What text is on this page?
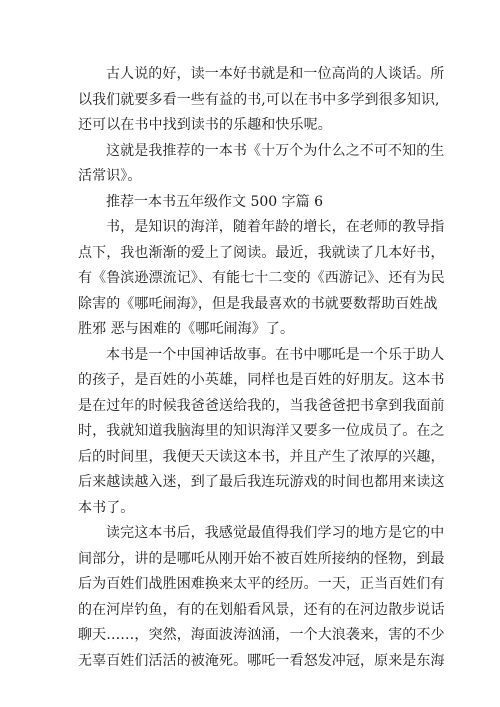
古人说的好，读一本好书就是和一位高尚的人谈话。所
以我们就要多看一些有益的书,可以在书中多学到很多知识,
还可以在书中找到读书的乐趣和快乐呢。

这就是我推荐的一本书《十万个为什么之不可不知的生
活常识》。

推荐一本书五年级作文 500 字篇 6

书，是知识的海洋，随着年龄的增长，在老师的教导指
点下，我也渐渐的爱上了阅读。最近，我就读了几本好书，
有《鲁滨逊漂流记》、有能七十二变的《西游记》、还有为民
除害的《哪吒闹海》，但是我最喜欢的书就要数帮助百姓战
胜邪 恶与困难的《哪吒闹海》了。

本书是一个中国神话故事。在书中哪吒是一个乐于助人
的孩子，是百姓的小英雄，同样也是百姓的好朋友。这本书
是在过年的时候我爸爸送给我的，当我爸爸把书拿到我面前
时，我就知道我脑海里的知识海洋又要多一位成员了。在之
后的时间里，我便天天读这本书，并且产生了浓厚的兴趣，
后来越读越入迷，到了最后我连玩游戏的时间也都用来读这
本书了。

读完这本书后，我感觉最值得我们学习的地方是它的中
间部分，讲的是哪吒从刚开始不被百姓所接纳的怪物，到最
后为百姓们战胜困难换来太平的经历。一天，正当百姓们有
的在河岸钓鱼，有的在划船看风景，还有的在河边散步说话
聊天……，突然，海面波涛汹涌，一个大浪袭来，害的不少
无辜百姓们活活的被淹死。哪吒一看怒发冲冠，原来是东海
